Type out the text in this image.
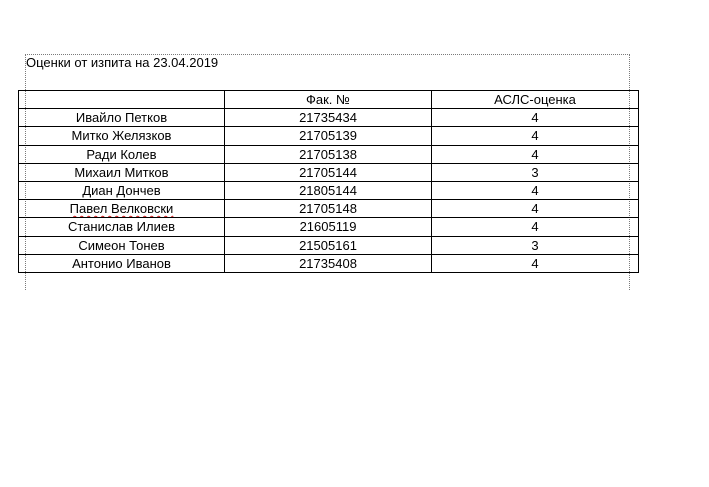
Оценки от изпита на 23.04.2019
	Фак. №	АСЛС-оценка
Ивайло Петков	21735434	4
Митко Желязков	21705139	4
Ради Колев	21705138	4
Михаил Митков	21705144	3
Диан Дончев	21805144	4
Павел Велковски	21705148	4
Станислав Илиев	21605119	4
Симеон Тонев	21505161	3
Антонио Иванов	21735408	4
